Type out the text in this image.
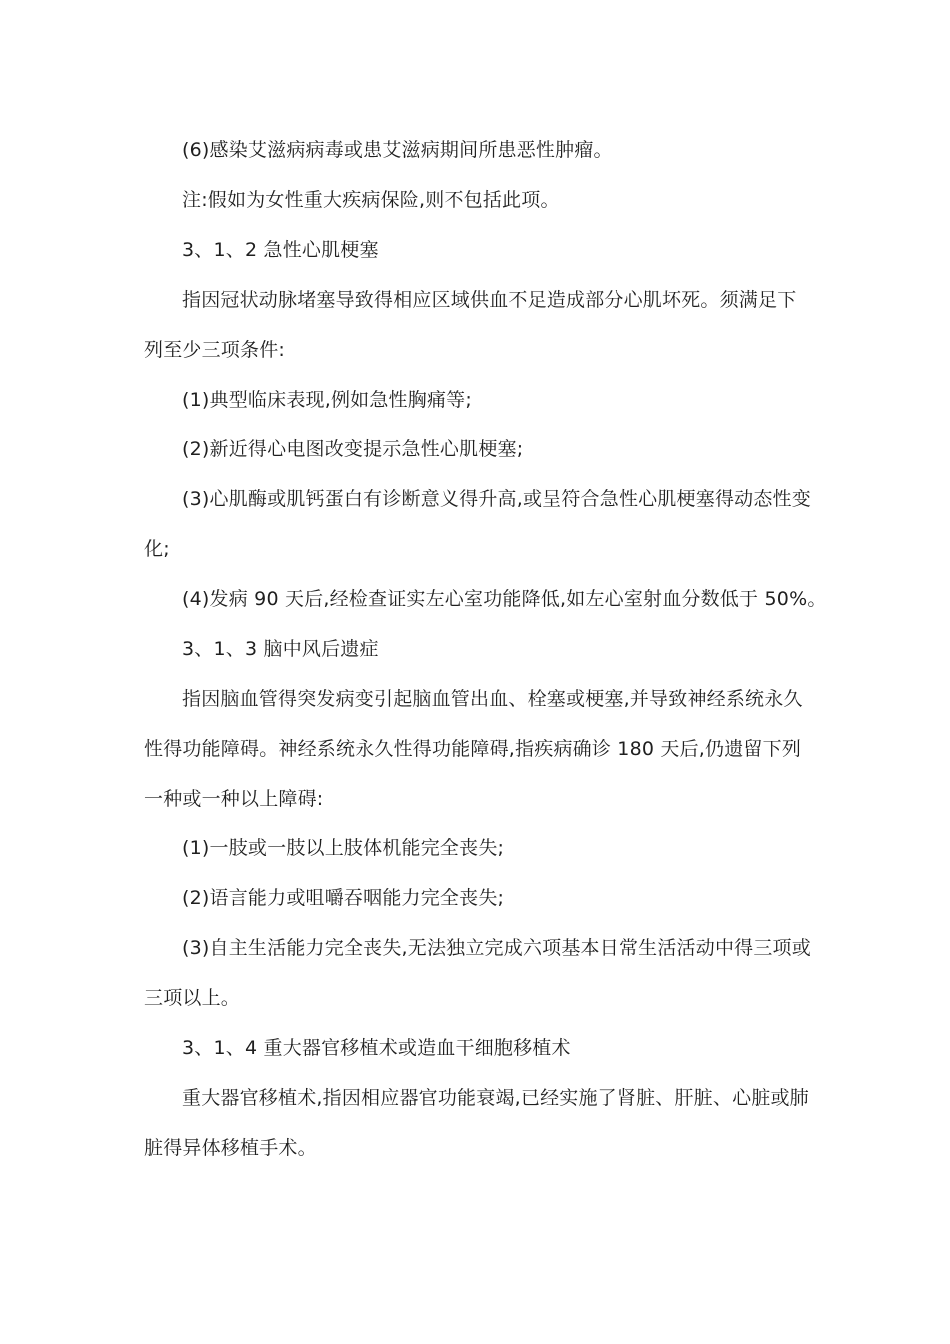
(6)感染艾滋病病毒或患艾滋病期间所患恶性肿瘤。
注:假如为女性重大疾病保险,则不包括此项。
3、1、2 急性心肌梗塞
指因冠状动脉堵塞导致得相应区域供血不足造成部分心肌坏死。须满足下
列至少三项条件:
(1)典型临床表现,例如急性胸痛等;
(2)新近得心电图改变提示急性心肌梗塞;
(3)心肌酶或肌钙蛋白有诊断意义得升高,或呈符合急性心肌梗塞得动态性变
化;
(4)发病 90 天后,经检查证实左心室功能降低,如左心室射血分数低于 50%。
3、1、3 脑中风后遗症
指因脑血管得突发病变引起脑血管出血、栓塞或梗塞,并导致神经系统永久
性得功能障碍。神经系统永久性得功能障碍,指疾病确诊 180 天后,仍遗留下列
一种或一种以上障碍:
(1)一肢或一肢以上肢体机能完全丧失;
(2)语言能力或咀嚼吞咽能力完全丧失;
(3)自主生活能力完全丧失,无法独立完成六项基本日常生活活动中得三项或
三项以上。
3、1、4 重大器官移植术或造血干细胞移植术
重大器官移植术,指因相应器官功能衰竭,已经实施了肾脏、肝脏、心脏或肺
脏得异体移植手术。
